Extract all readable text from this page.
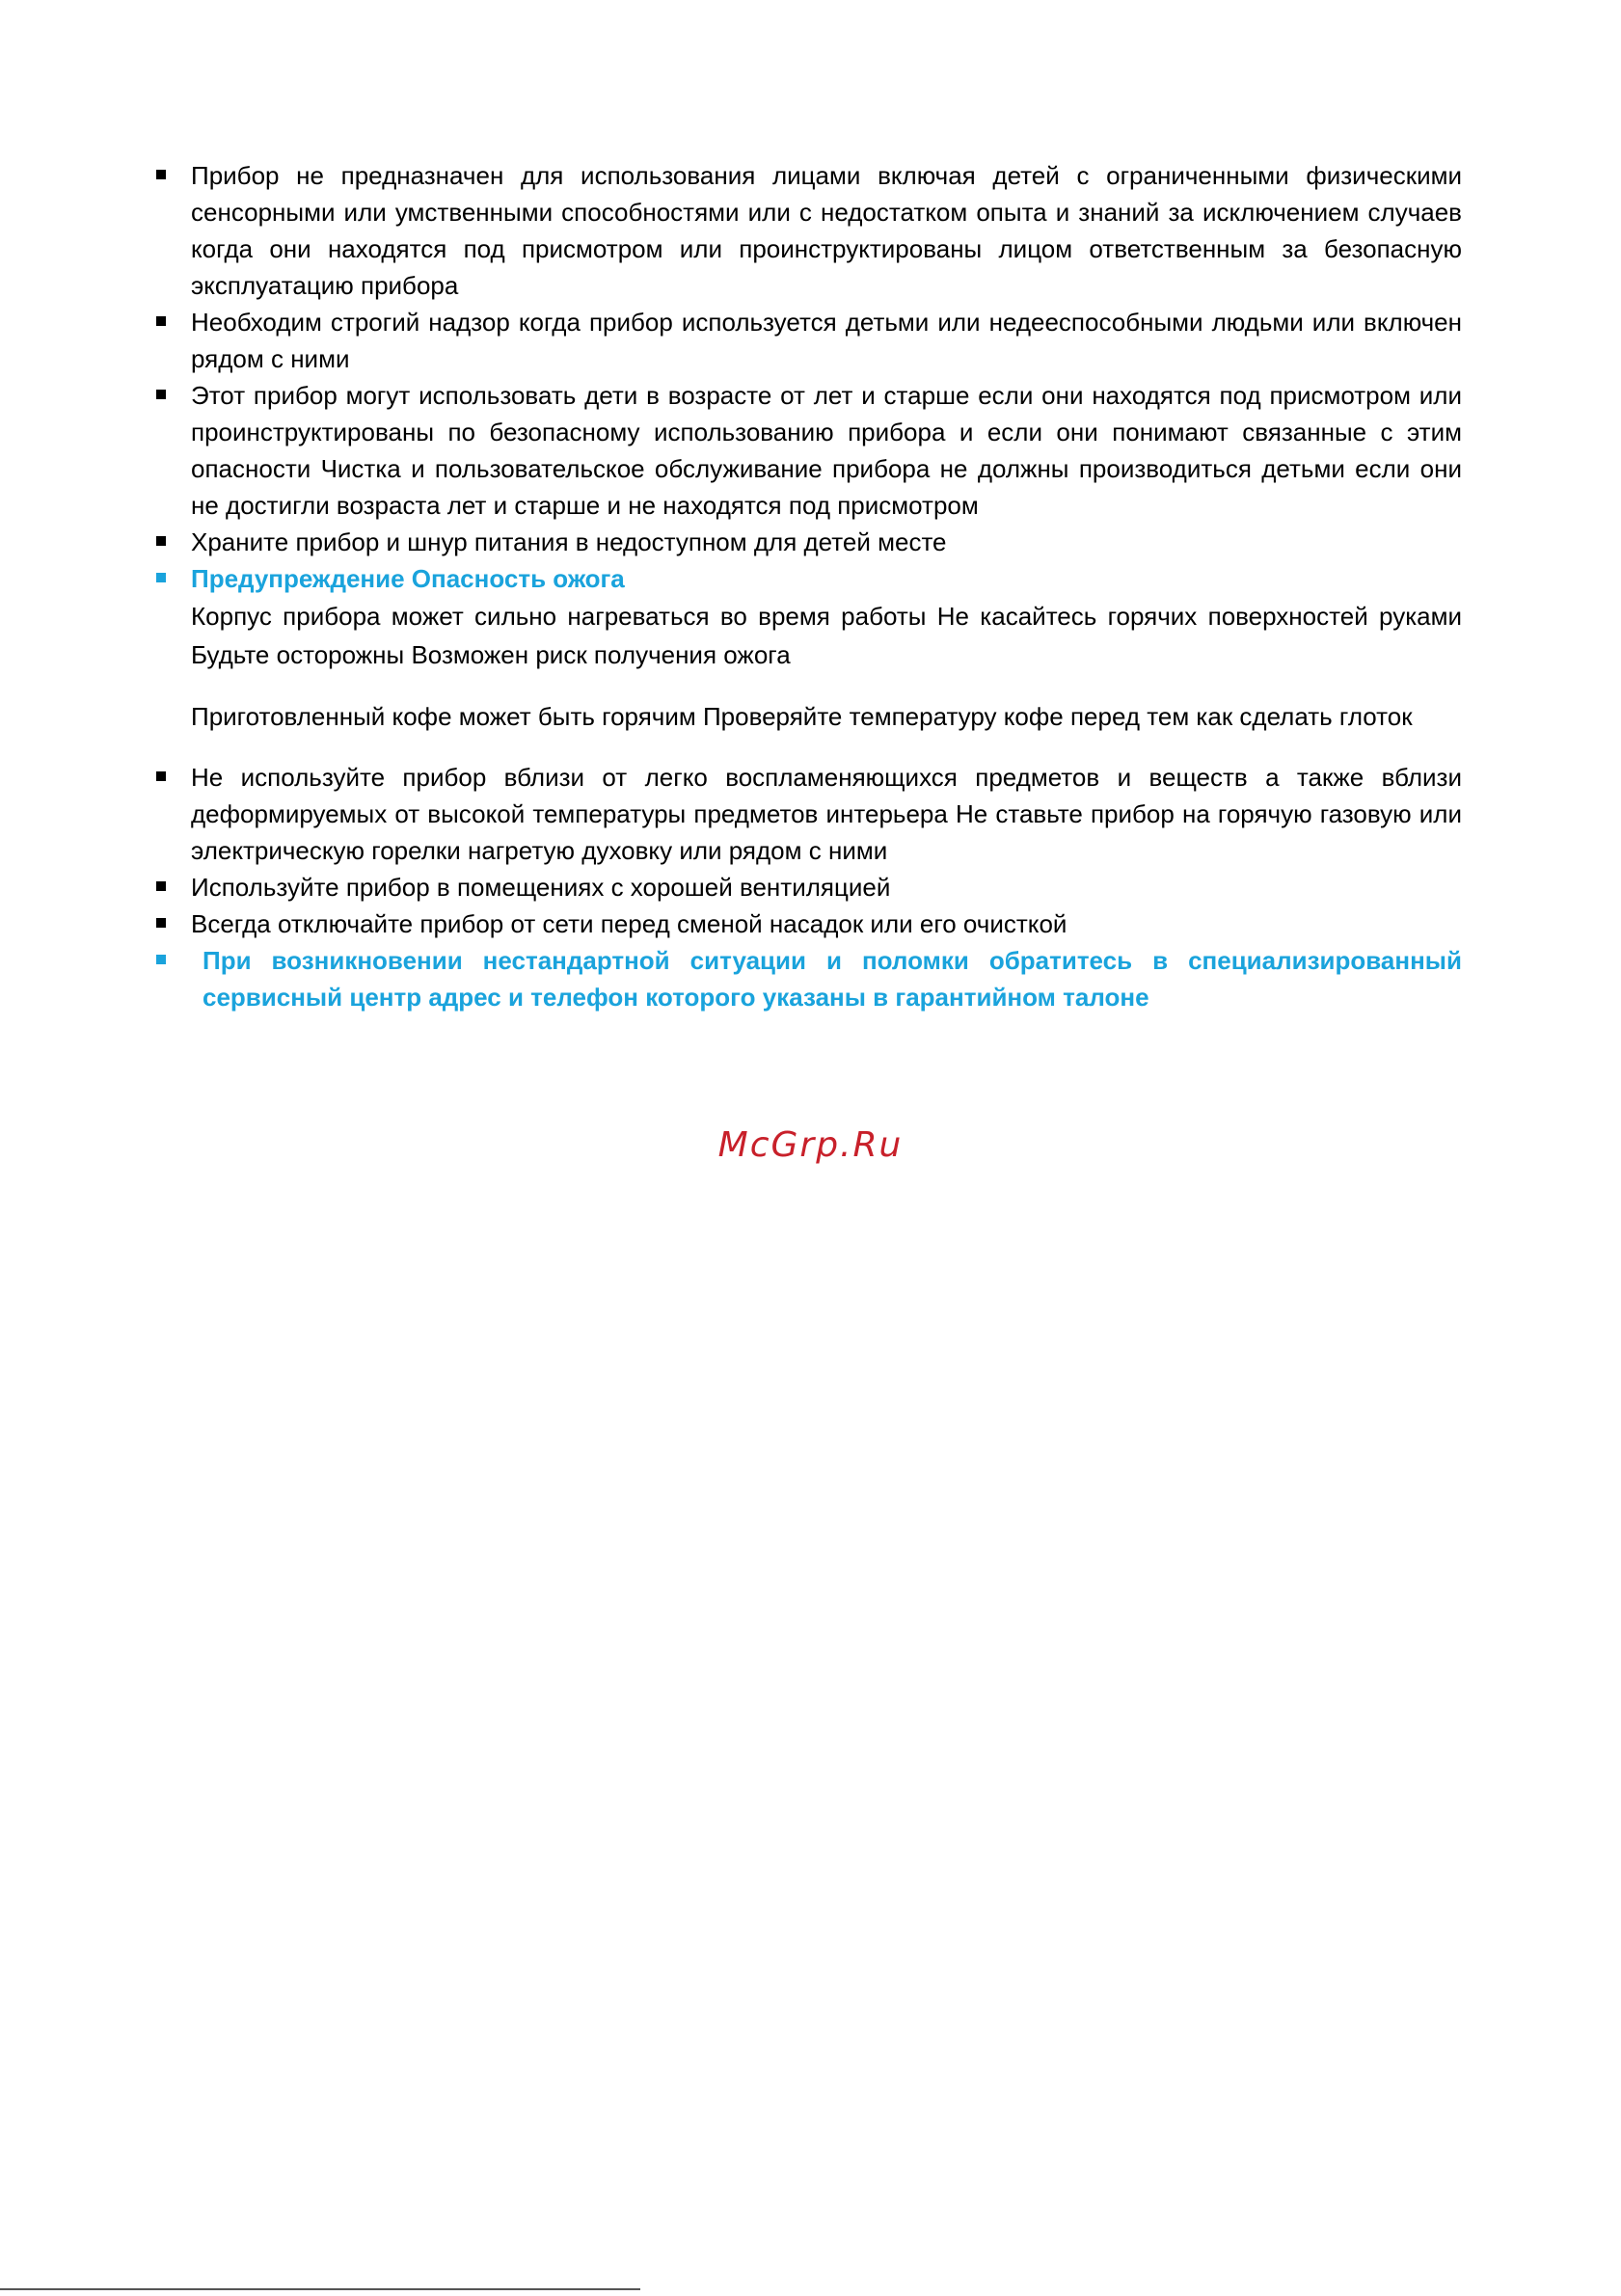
Прибор не предназначен для использования лицами включая детей с ограниченными физическими сенсорными или умственными способностями или с недостатком опыта и знаний за исключением случаев когда они находятся под присмотром или проинструктированы лицом ответственным за безопасную эксплуатацию прибора
Необходим строгий надзор когда прибор используется детьми или недееспособными людьми или включен рядом с ними
Этот прибор могут использовать дети в возрасте от лет и старше если они находятся под присмотром или проинструктированы по безопасному использованию прибора и если они понимают связанные с этим опасности Чистка и пользовательское обслуживание прибора не должны производиться детьми если они не достигли возраста лет и старше и не находятся под присмотром
Храните прибор и шнур питания в недоступном для детей месте
Предупреждение Опасность ожога
Корпус прибора может сильно нагреваться во время работы Не касайтесь горячих поверхностей руками Будьте осторожны Возможен риск получения ожога
Приготовленный кофе может быть горячим Проверяйте температуру кофе перед тем как сделать глоток
Не используйте прибор вблизи от легко воспламеняющихся предметов и веществ а также вблизи деформируемых от высокой температуры предметов интерьера Не ставьте прибор на горячую газовую или электрическую горелки нагретую духовку или рядом с ними
Используйте прибор в помещениях с хорошей вентиляцией
Всегда отключайте прибор от сети перед сменой насадок или его очисткой
При возникновении нестандартной ситуации и поломки обратитесь в специализированный сервисный центр адрес и телефон которого указаны в гарантийном талоне
McGrp.Ru
